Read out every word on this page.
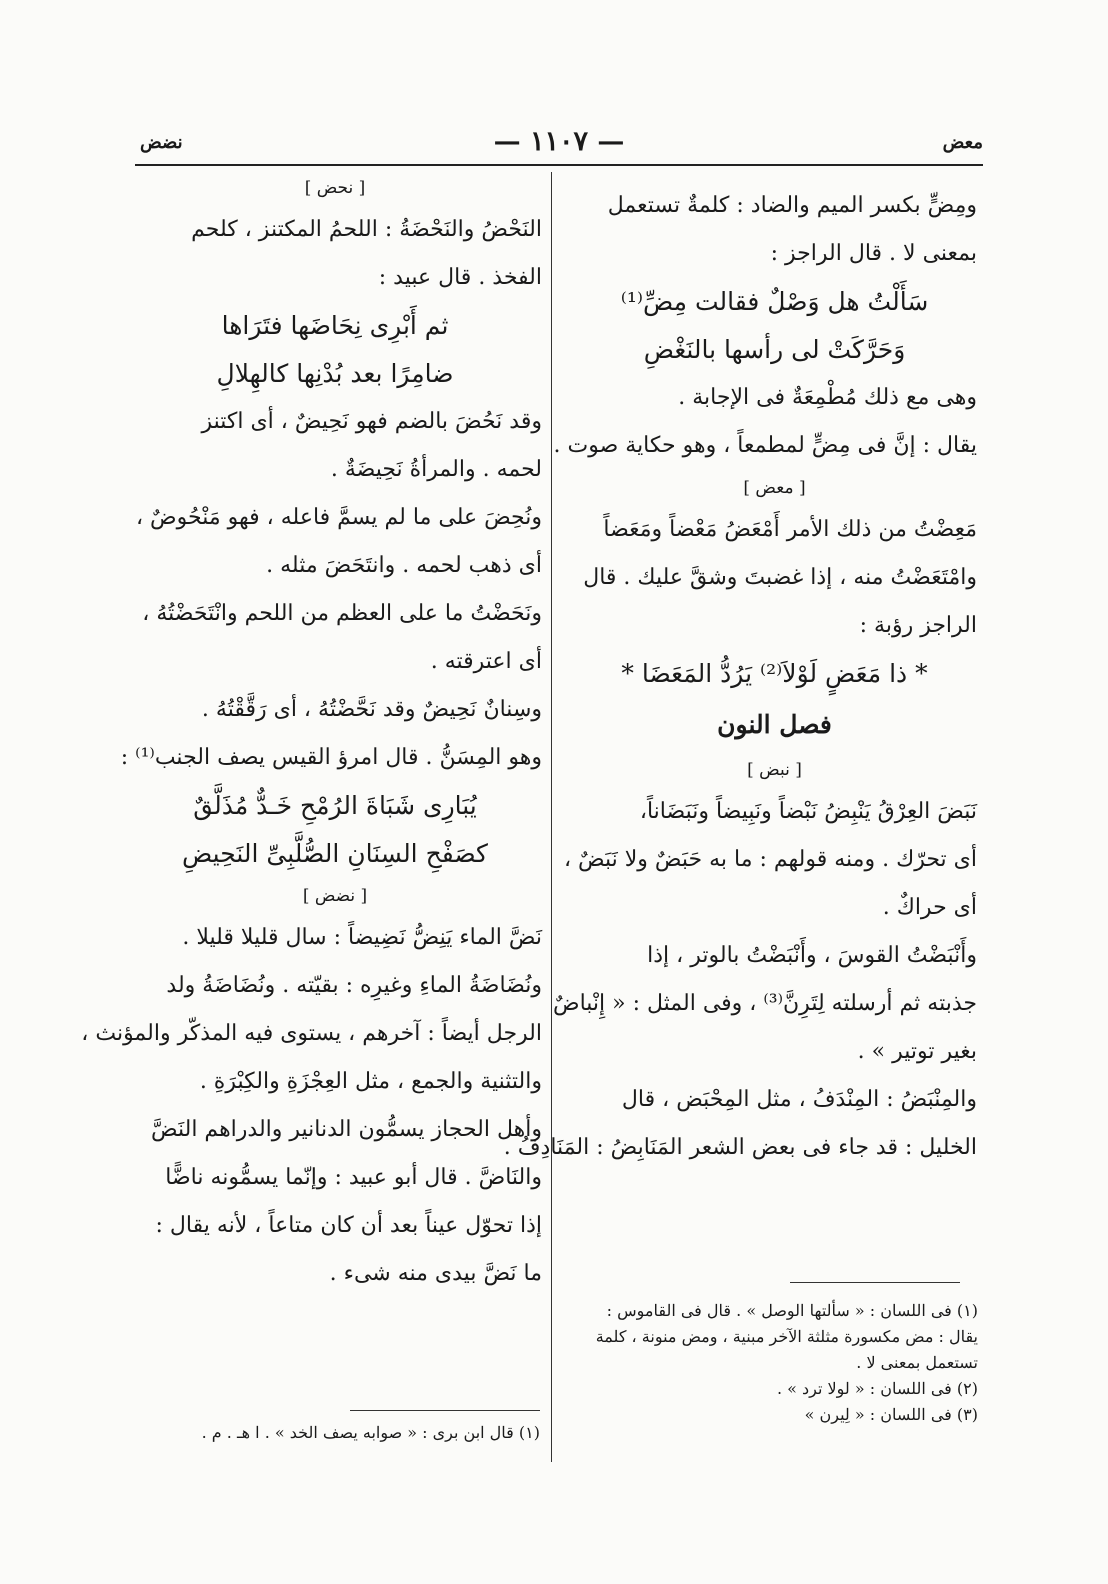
معض
— ١١٠٧ —
نضض
ومِضٍّ بكسر الميم والضاد : كلمةٌ تستعمل
بمعنى لا . قال الراجز :
سَأَلْتُ هل وَصْلٌ فقالت مِضِّ⁽¹⁾
وَحَرَّكَتْ لى رأسها بالنَغْضِ
وهى مع ذلك مُطْمِعَةٌ فى الإجابة .
يقال : إنَّ فى مِضٍّ لمطمعاً ، وهو حكاية صوت .
[ معض ]
مَعِضْتُ من ذلك الأمر أَمْعَضُ مَعْضاً ومَعَضاً
وامْتَعَضْتُ منه ، إذا غضبتَ وشقَّ عليك . قال
الراجز رؤبة :
* ذا مَعَضٍ لَوْلاَ⁽²⁾ يَرُدُّ المَعَضَا *
فصل النون
[ نبض ]
نَبَضَ العِرْقُ يَنْبِضُ نَبْضاً ونَبِيضاً ونَبَضَاناً،
أى تحرّك . ومنه قولهم : ما به حَبَضٌ ولا نَبَضٌ ،
أى حراكٌ .
وأَنْبَضْتُ القوسَ ، وأَنْبَضْتُ بالوتر ، إذا
جذبته ثم أرسلته لِتَرِنَّ⁽³⁾ ، وفى المثل : « إِنْباضٌ
بغير توتير » .
والمِنْبَضُ : المِنْدَفُ ، مثل المِحْبَض ، قال
الخليل : قد جاء فى بعض الشعر المَنَابِضُ : المَنَادِفُ .
(١) فى اللسان : « سألتها الوصل » . قال فى القاموس :
يقال : مض مكسورة مثلثة الآخر مبنية ، ومض منونة ، كلمة
تستعمل بمعنى لا .
(٢) فى اللسان : « لولا ترد » .
(٣) فى اللسان : « لِيرن »
[ نحض ]
النَحْضُ والنَحْضَةُ : اللحمُ المكتنز ، كلحم
الفخذ . قال عبيد :
ثم أَبْرِى نِحَاضَها فتَرَاها
ضامِرًا بعد بُدْنِها كالهِلالِ
وقد نَحُضَ بالضم فهو نَحِيضٌ ، أى اكتنز
لحمه . والمرأةُ نَحِيضَةٌ .
ونُحِضَ على ما لم يسمَّ فاعله ، فهو مَنْحُوضٌ ،
أى ذهب لحمه . وانتَحَضَ مثله .
ونَحَضْتُ ما على العظم من اللحم وانْتَحَضْتُهُ ،
أى اعترقته .
وسِنانٌ نَحِيضٌ وقد نَحَّضْتُهُ ، أى رَقَّقْتُهُ .
وهو المِسَنُّ . قال امرؤ القيس يصف الجنب⁽¹⁾ :
يُبَارِى شَبَاةَ الرُمْحِ خَـدٌّ مُذَلَّقٌ
كصَفْحِ السِنَانِ الصُّلَّبِىِّ النَحِيضِ
[ نضض ]
نَضَّ الماء يَنِضُّ نَضِيضاً : سال قليلا قليلا .
ونُضَاضَةُ الماءِ وغيرِه : بقيّته . ونُضَاضَةُ ولد
الرجل أيضاً : آخرهم ، يستوى فيه المذكّر والمؤنث ،
والتثنية والجمع ، مثل العِجْزَةِ والكِبْرَةِ .
وأهل الحجاز يسمُّون الدنانير والدراهم النَضَّ
والنَاضَّ . قال أبو عبيد : وإنّما يسمُّونه ناضًّا
إذا تحوّل عيناً بعد أن كان متاعاً ، لأنه يقال :
ما نَضَّ بيدى منه شىء .
(١) قال ابن برى : « صوابه يصف الخد » . ا هـ . م .
